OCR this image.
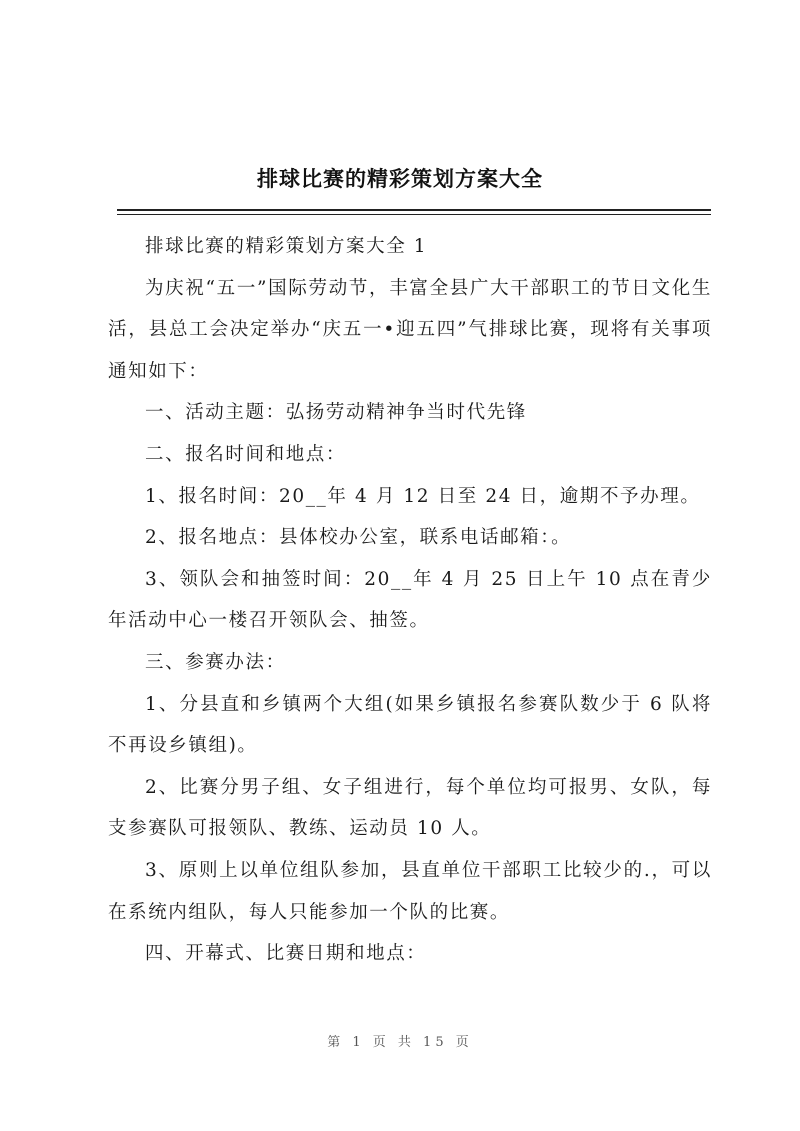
排球比赛的精彩策划方案大全

排球比赛的精彩策划方案大全 1

为庆祝“五一”国际劳动节，丰富全县广大干部职工的节日文化生活，县总工会决定举办“庆五一•迎五四”气排球比赛，现将有关事项通知如下：

一、活动主题：弘扬劳动精神争当时代先锋

二、报名时间和地点：

1、报名时间：20__年 4 月 12 日至 24 日，逾期不予办理。

2、报名地点：县体校办公室，联系电话邮箱：。

3、领队会和抽签时间：20__年 4 月 25 日上午 10 点在青少年活动中心一楼召开领队会、抽签。

三、参赛办法：

1、分县直和乡镇两个大组(如果乡镇报名参赛队数少于 6 队将不再设乡镇组)。

2、比赛分男子组、女子组进行，每个单位均可报男、女队，每支参赛队可报领队、教练、运动员 10 人。

3、原则上以单位组队参加，县直单位干部职工比较少的.，可以在系统内组队，每人只能参加一个队的比赛。

四、开幕式、比赛日期和地点：

第 1 页 共 15 页
